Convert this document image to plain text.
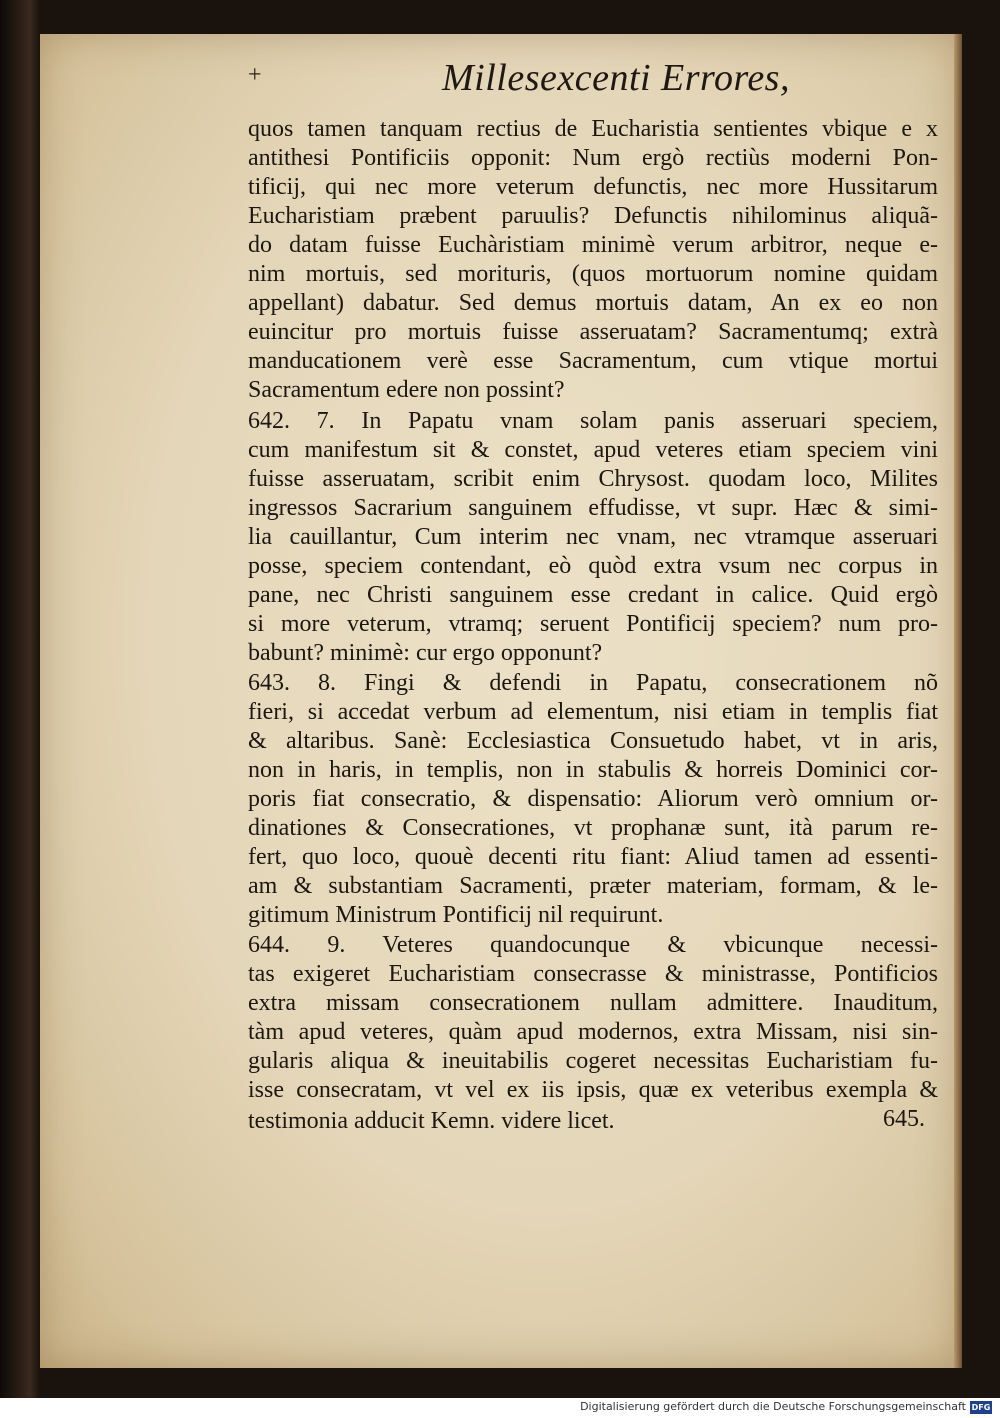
+	Millesexcenti Errores,
quos tamen tanquam rectius de Eucharistia sentientes vbique e x
antithesi Pontificiis opponit: Num ergò rectiùs moderni Pon-
tificij, qui nec more veterum defunctis, nec more Hussitarum
Eucharistiam præbent paruulis? Defunctis nihilominus aliquã-
do datam fuisse Euchàristiam minimè verum arbitror, neque e-
nim mortuis, sed morituris, (quos mortuorum nomine quidam
appellant) dabatur. Sed demus mortuis datam, An ex eo non
euincitur pro mortuis fuisse asseruatam? Sacramentumq; extrà
manducationem verè esse Sacramentum, cum vtique mortui
Sacramentum edere non possint?
642. 7. In Papatu vnam solam panis asseruari speciem,
cum manifestum sit & constet, apud veteres etiam speciem vini
fuisse asseruatam, scribit enim Chrysost. quodam loco, Milites
ingressos Sacrarium sanguinem effudisse, vt supr. Hæc & simi-
lia cauillantur, Cum interim nec vnam, nec vtramque asseruari
posse, speciem contendant, eò quòd extra vsum nec corpus in
pane, nec Christi sanguinem esse credant in calice. Quid ergò
si more veterum, vtramq; seruent Pontificij speciem? num pro-
babunt? minimè: cur ergo opponunt?
643. 8. Fingi & defendi in Papatu, consecrationem nõ
fieri, si accedat verbum ad elementum, nisi etiam in templis fiat
& altaribus. Sanè: Ecclesiastica Consuetudo habet, vt in aris,
non in haris, in templis, non in stabulis & horreis Dominici cor-
poris fiat consecratio, & dispensatio: Aliorum verò omnium or-
dinationes & Consecrationes, vt prophanæ sunt, ità parum re-
fert, quo loco, quouè decenti ritu fiant: Aliud tamen ad essenti-
am & substantiam Sacramenti, præter materiam, formam, & le-
gitimum Ministrum Pontificij nil requirunt.
644. 9. Veteres quandocunque & vbicunque necessi-
tas exigeret Eucharistiam consecrasse & ministrasse, Pontificios
extra missam consecrationem nullam admittere. Inauditum,
tàm apud veteres, quàm apud modernos, extra Missam, nisi sin-
gularis aliqua & ineuitabilis cogeret necessitas Eucharistiam fu-
isse consecratam, vt vel ex iis ipsis, quæ ex veteribus exempla &
testimonia adducit Kemn. videre licet.	645.
Digitalisierung gefördert durch die Deutsche Forschungsgemeinschaft DFG
